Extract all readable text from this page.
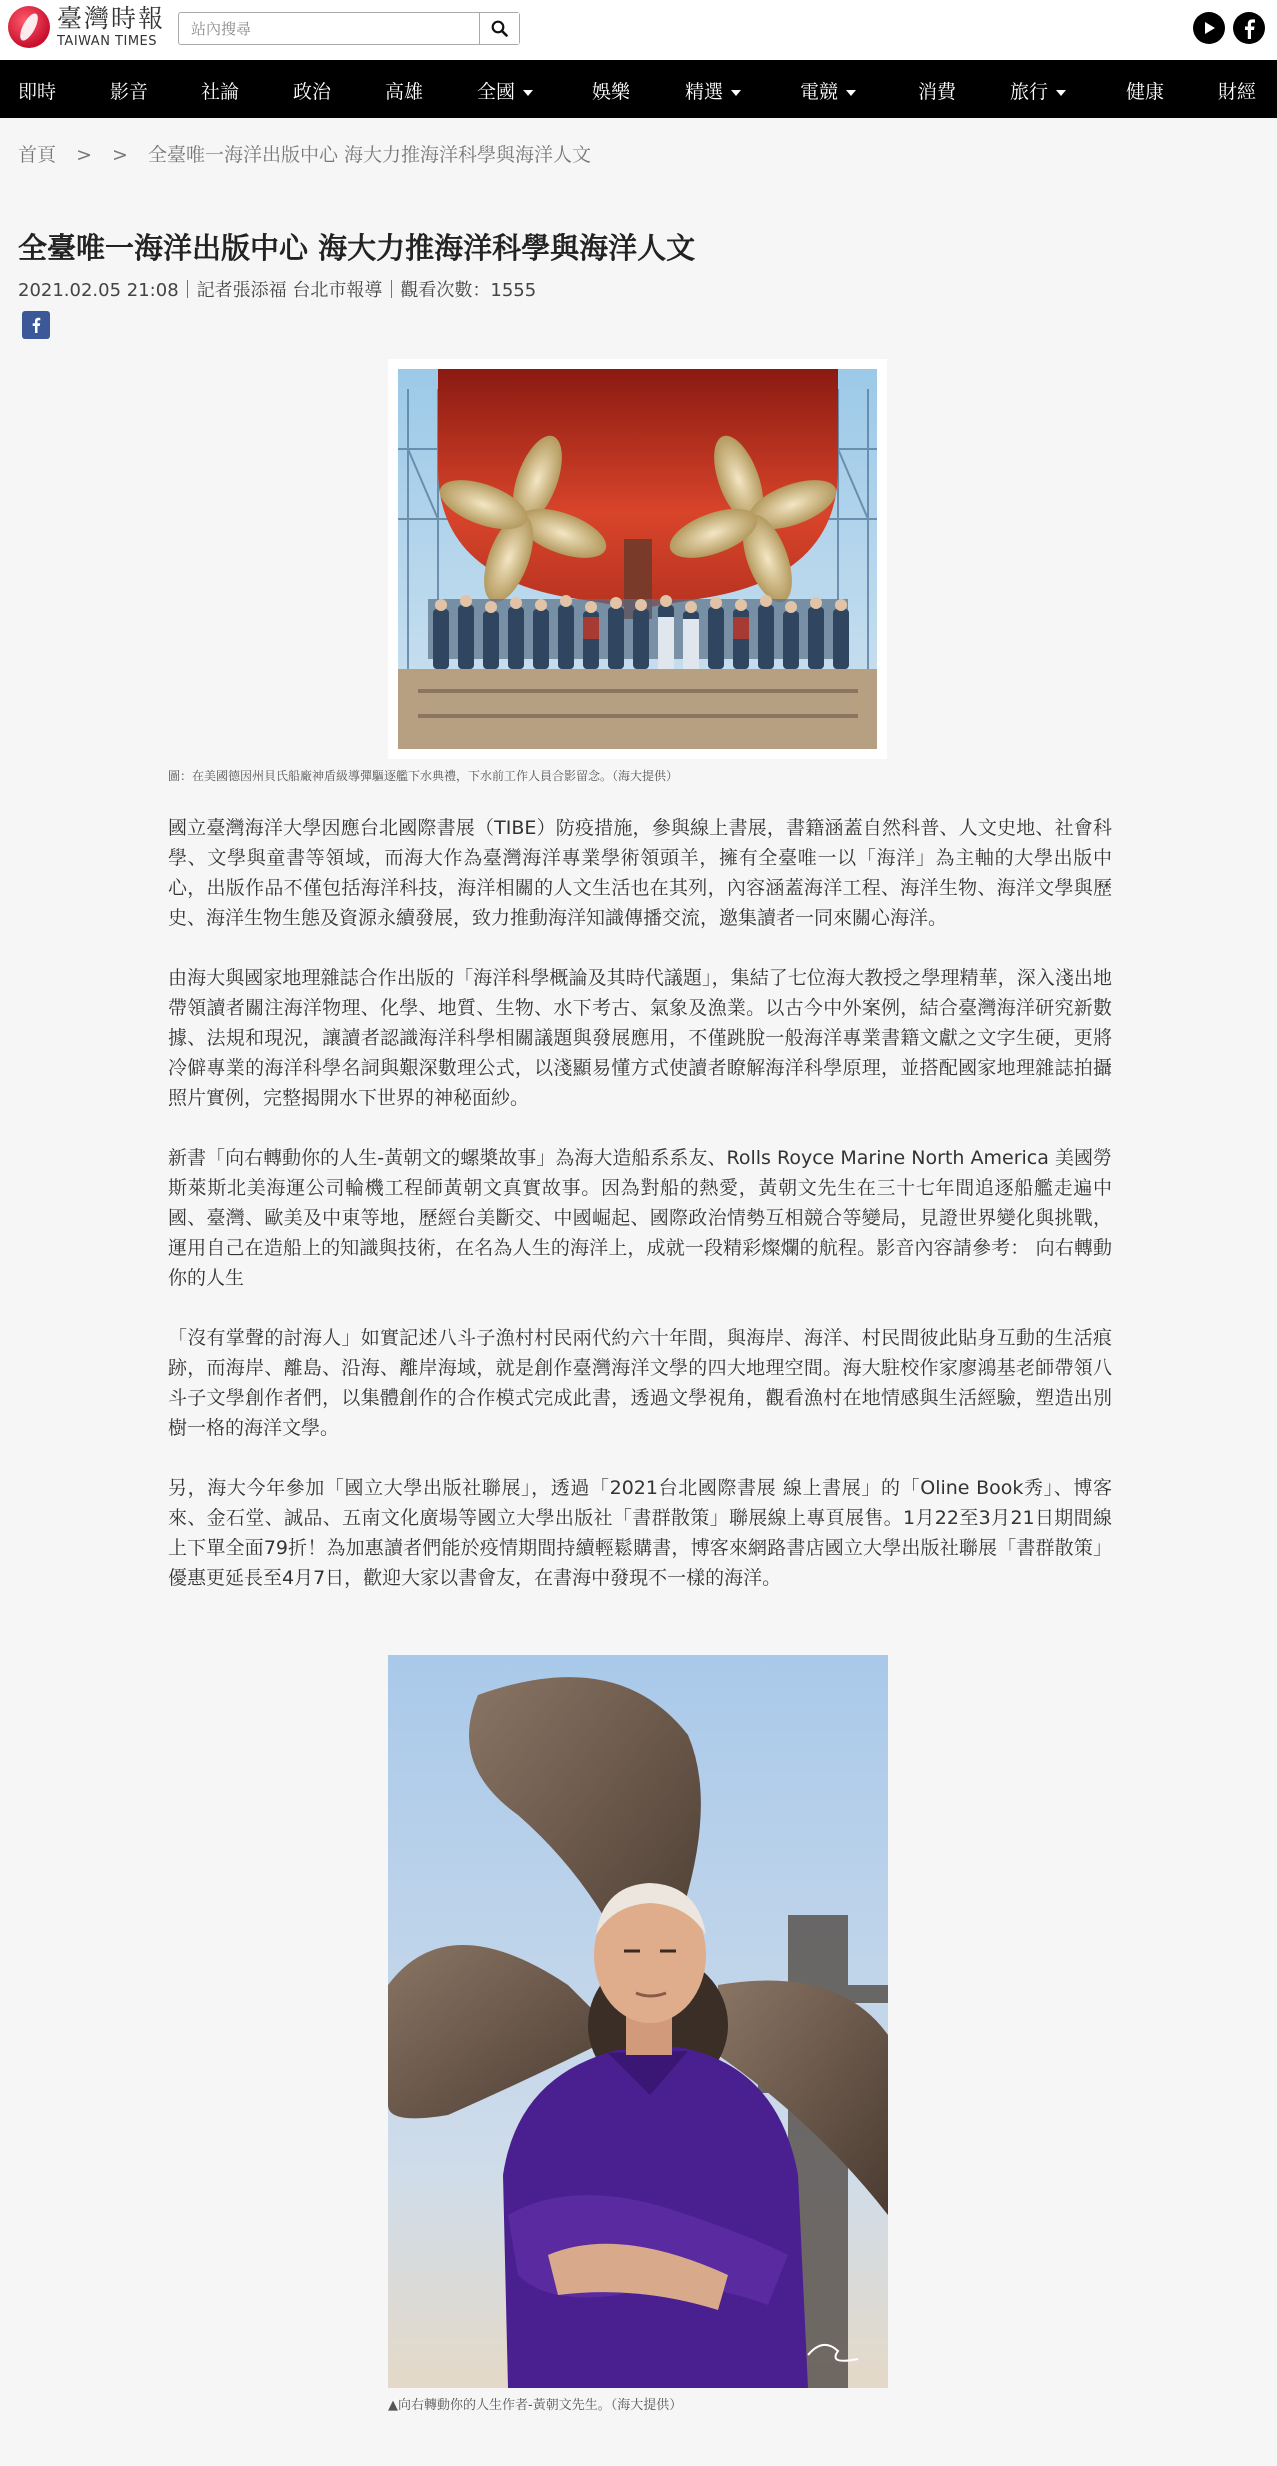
臺灣時報
TAIWAN TIMES
站內搜尋
即時	影音	社論	政治	高雄	全國	娛樂	精選	電競	消費	旅行	健康	財經
首頁 > > 全臺唯一海洋出版中心 海大力推海洋科學與海洋人文
全臺唯一海洋出版中心 海大力推海洋科學與海洋人文
2021.02.05 21:08｜記者張添福 台北市報導｜觀看次數：1555
圖：在美國德因州貝氏船廠神盾級導彈驅逐艦下水典禮，下水前工作人員合影留念。（海大提供）

國立臺灣海洋大學因應台北國際書展（TIBE）防疫措施，參與線上書展，書籍涵蓋自然科普、人文史地、社會科學、文學與童書等領域，而海大作為臺灣海洋專業學術領頭羊，擁有全臺唯一以「海洋」為主軸的大學出版中心，出版作品不僅包括海洋科技，海洋相關的人文生活也在其列，內容涵蓋海洋工程、海洋生物、海洋文學與歷史、海洋生物生態及資源永續發展，致力推動海洋知識傳播交流，邀集讀者一同來關心海洋。

由海大與國家地理雜誌合作出版的「海洋科學概論及其時代議題」，集結了七位海大教授之學理精華，深入淺出地帶領讀者關注海洋物理、化學、地質、生物、水下考古、氣象及漁業。以古今中外案例，結合臺灣海洋研究新數據、法規和現況，讓讀者認識海洋科學相關議題與發展應用，不僅跳脫一般海洋專業書籍文獻之文字生硬，更將冷僻專業的海洋科學名詞與艱深數理公式，以淺顯易懂方式使讀者瞭解海洋科學原理，並搭配國家地理雜誌拍攝照片實例，完整揭開水下世界的神秘面紗。

新書「向右轉動你的人生-黃朝文的螺槳故事」為海大造船系系友、Rolls Royce Marine North America 美國勞斯萊斯北美海運公司輪機工程師黃朝文真實故事。因為對船的熱愛，黃朝文先生在三十七年間追逐船艦走遍中國、臺灣、歐美及中東等地，歷經台美斷交、中國崛起、國際政治情勢互相競合等變局，見證世界變化與挑戰，運用自己在造船上的知識與技術，在名為人生的海洋上，成就一段精彩燦爛的航程。影音內容請參考： 向右轉動你的人生

「沒有掌聲的討海人」如實記述八斗子漁村村民兩代約六十年間，與海岸、海洋、村民間彼此貼身互動的生活痕跡，而海岸、離島、沿海、離岸海域，就是創作臺灣海洋文學的四大地理空間。海大駐校作家廖鴻基老師帶領八斗子文學創作者們，以集體創作的合作模式完成此書，透過文學視角，觀看漁村在地情感與生活經驗，塑造出別樹一格的海洋文學。

另，海大今年參加「國立大學出版社聯展」，透過「2021台北國際書展 線上書展」的「Oline Book秀」、博客來、金石堂、誠品、五南文化廣場等國立大學出版社「書群散策」聯展線上專頁展售。1月22至3月21日期間線上下單全面79折！為加惠讀者們能於疫情期間持續輕鬆購書，博客來網路書店國立大學出版社聯展「書群散策」優惠更延長至4月7日，歡迎大家以書會友，在書海中發現不一樣的海洋。

▲向右轉動你的人生作者-黃朝文先生。（海大提供）
